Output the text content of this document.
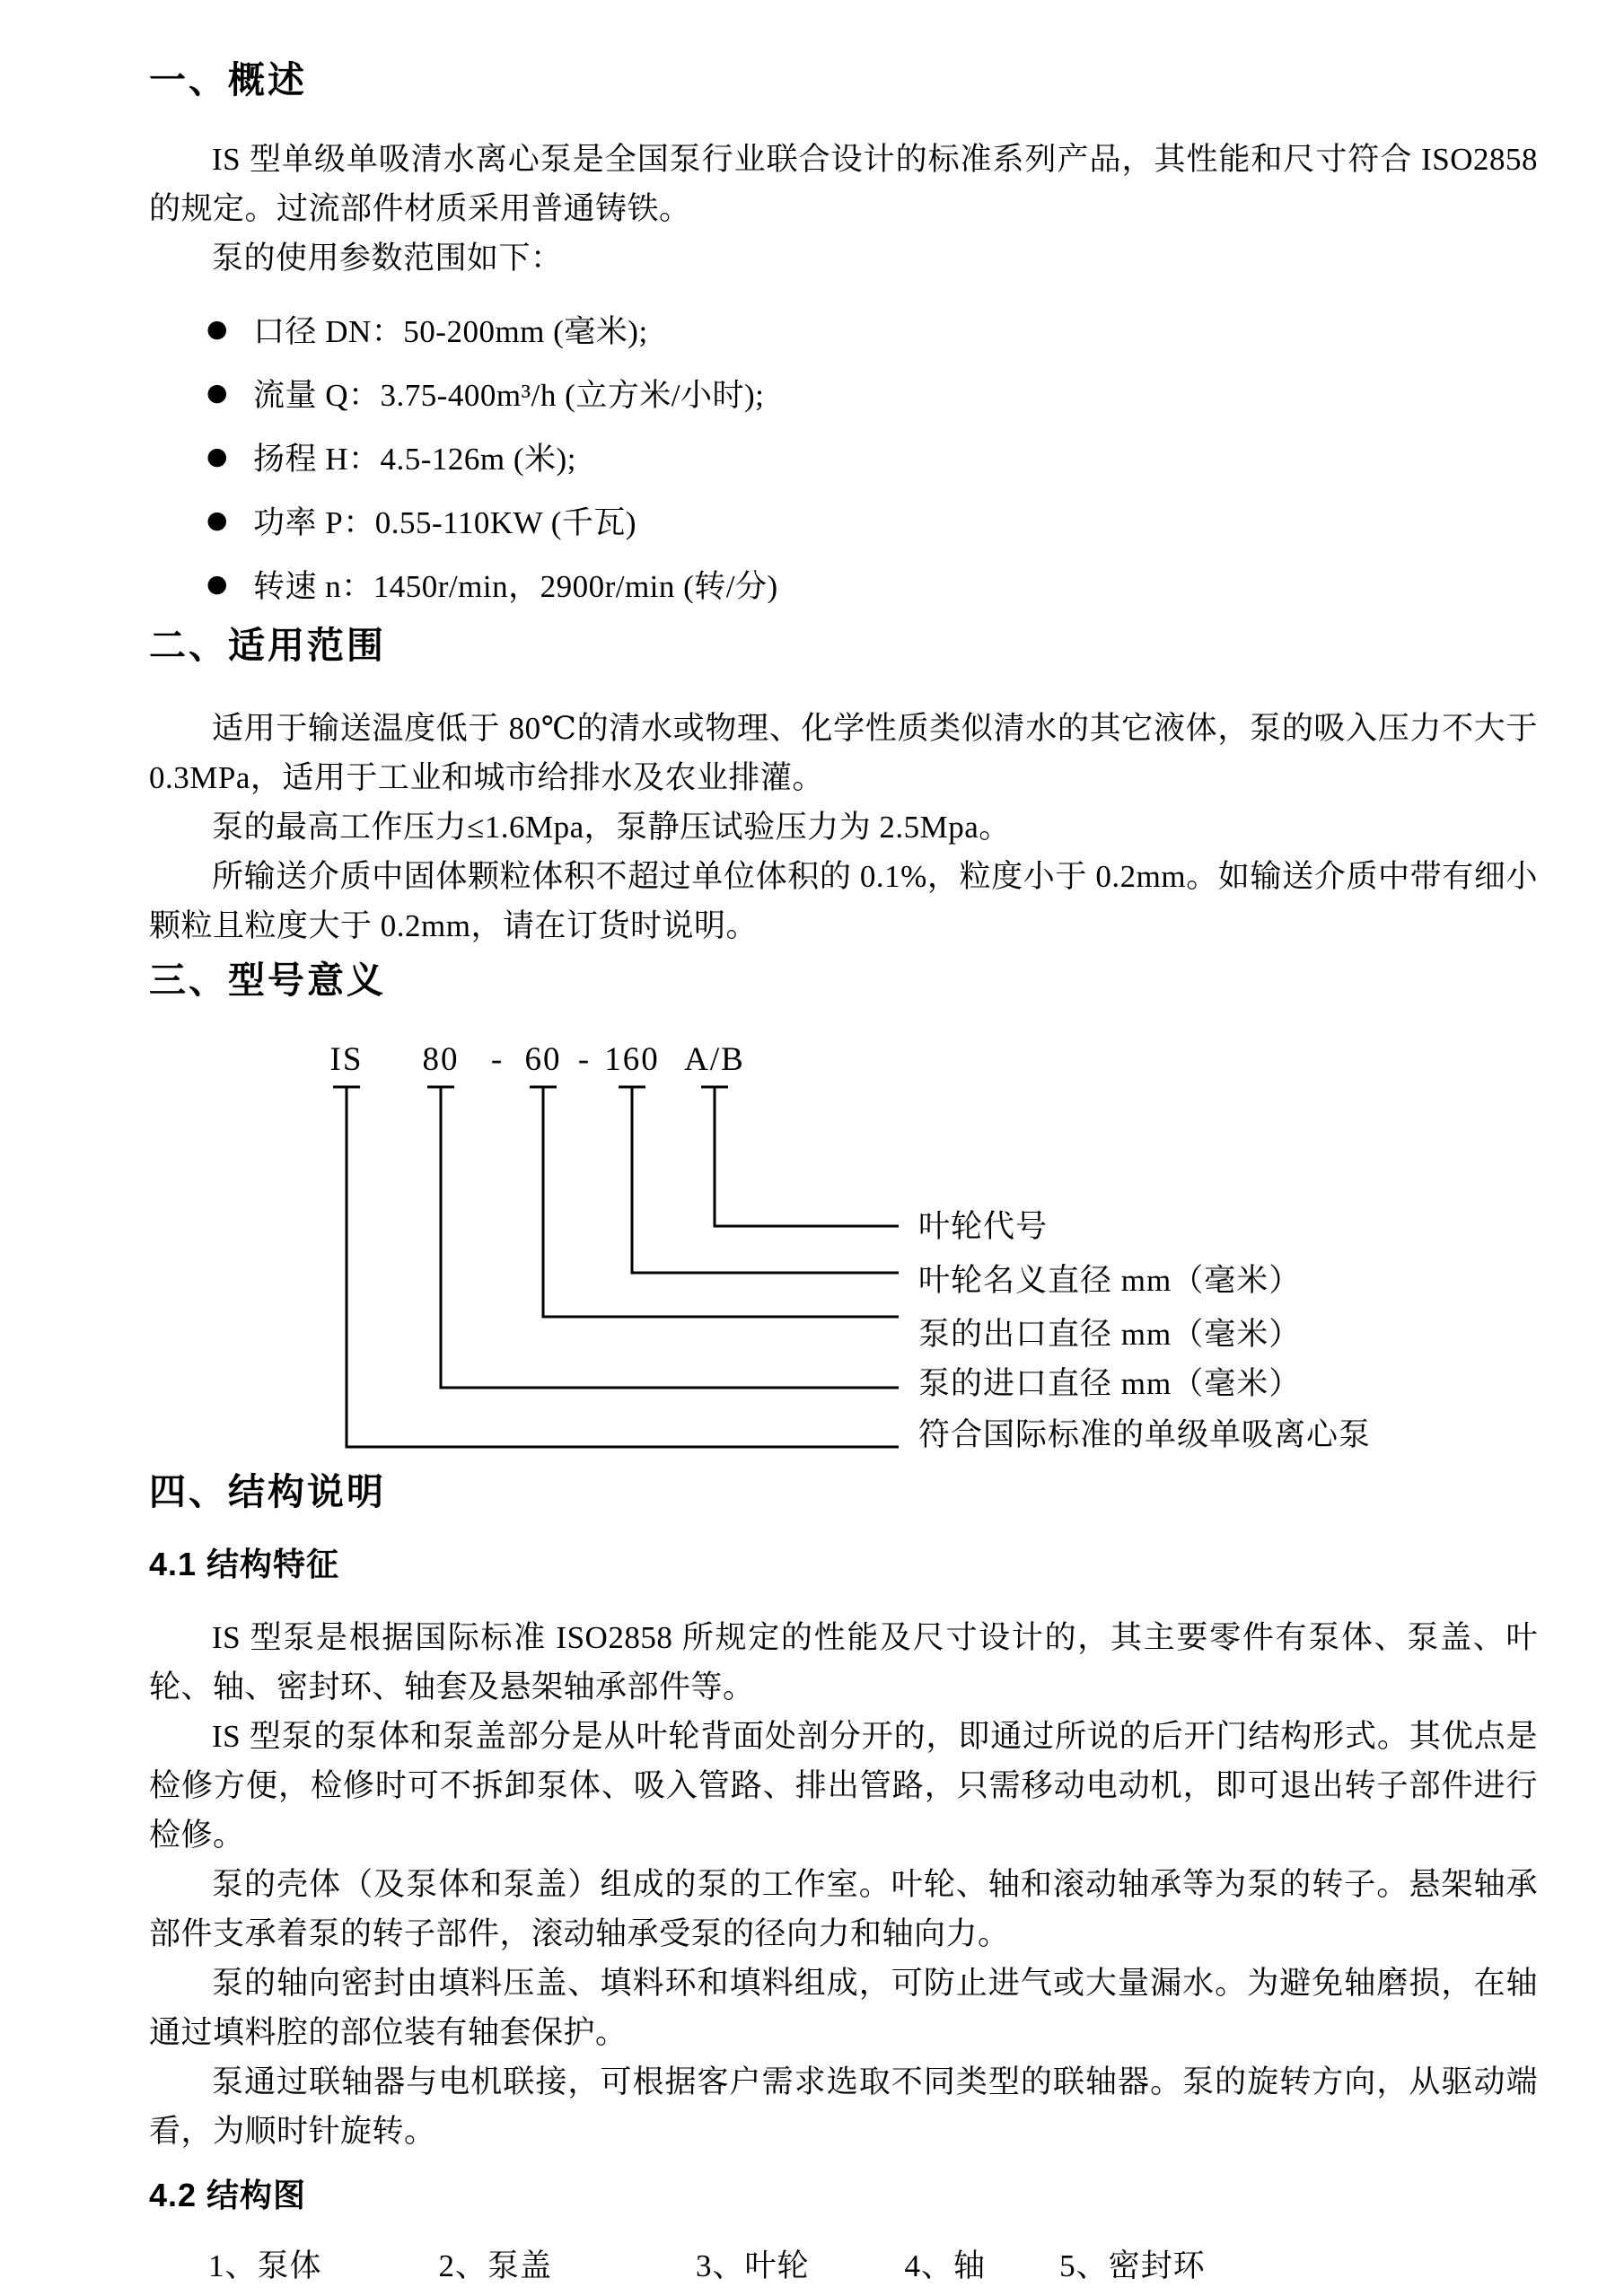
一、概述

IS 型单级单吸清水离心泵是全国泵行业联合设计的标准系列产品，其性能和尺寸符合 ISO2858 的规定。过流部件材质采用普通铸铁。

泵的使用参数范围如下：

● 口径 DN：50-200mm (毫米);
● 流量 Q：3.75-400m³/h (立方米/小时);
● 扬程 H：4.5-126m (米);
● 功率 P：0.55-110KW (千瓦)
● 转速 n：1450r/min，2900r/min (转/分)
二、适用范围

适用于输送温度低于 80℃的清水或物理、化学性质类似清水的其它液体，泵的吸入压力不大于 0.3MPa，适用于工业和城市给排水及农业排灌。

泵的最高工作压力≤1.6Mpa，泵静压试验压力为 2.5Mpa。

所输送介质中固体颗粒体积不超过单位体积的 0.1%，粒度小于 0.2mm。如输送介质中带有细小颗粒且粒度大于 0.2mm，请在订货时说明。

三、型号意义
IS 80 - 60 - 160 A/B
叶轮代号
叶轮名义直径 mm（毫米）
泵的出口直径 mm（毫米）
泵的进口直径 mm（毫米）
符合国际标准的单级单吸离心泵
四、结构说明
4.1 结构特征

IS 型泵是根据国际标准 ISO2858 所规定的性能及尺寸设计的，其主要零件有泵体、泵盖、叶轮、轴、密封环、轴套及悬架轴承部件等。

IS 型泵的泵体和泵盖部分是从叶轮背面处剖分开的，即通过所说的后开门结构形式。其优点是检修方便，检修时可不拆卸泵体、吸入管路、排出管路，只需移动电动机，即可退出转子部件进行检修。

泵的壳体（及泵体和泵盖）组成的泵的工作室。叶轮、轴和滚动轴承等为泵的转子。悬架轴承部件支承着泵的转子部件，滚动轴承受泵的径向力和轴向力。

泵的轴向密封由填料压盖、填料环和填料组成，可防止进气或大量漏水。为避免轴磨损，在轴通过填料腔的部位装有轴套保护。

泵通过联轴器与电机联接，可根据客户需求选取不同类型的联轴器。泵的旋转方向，从驱动端看，为顺时针旋转。

4.2 结构图

1、泵体	2、泵盖	3、叶轮	4、轴 5、密封环
